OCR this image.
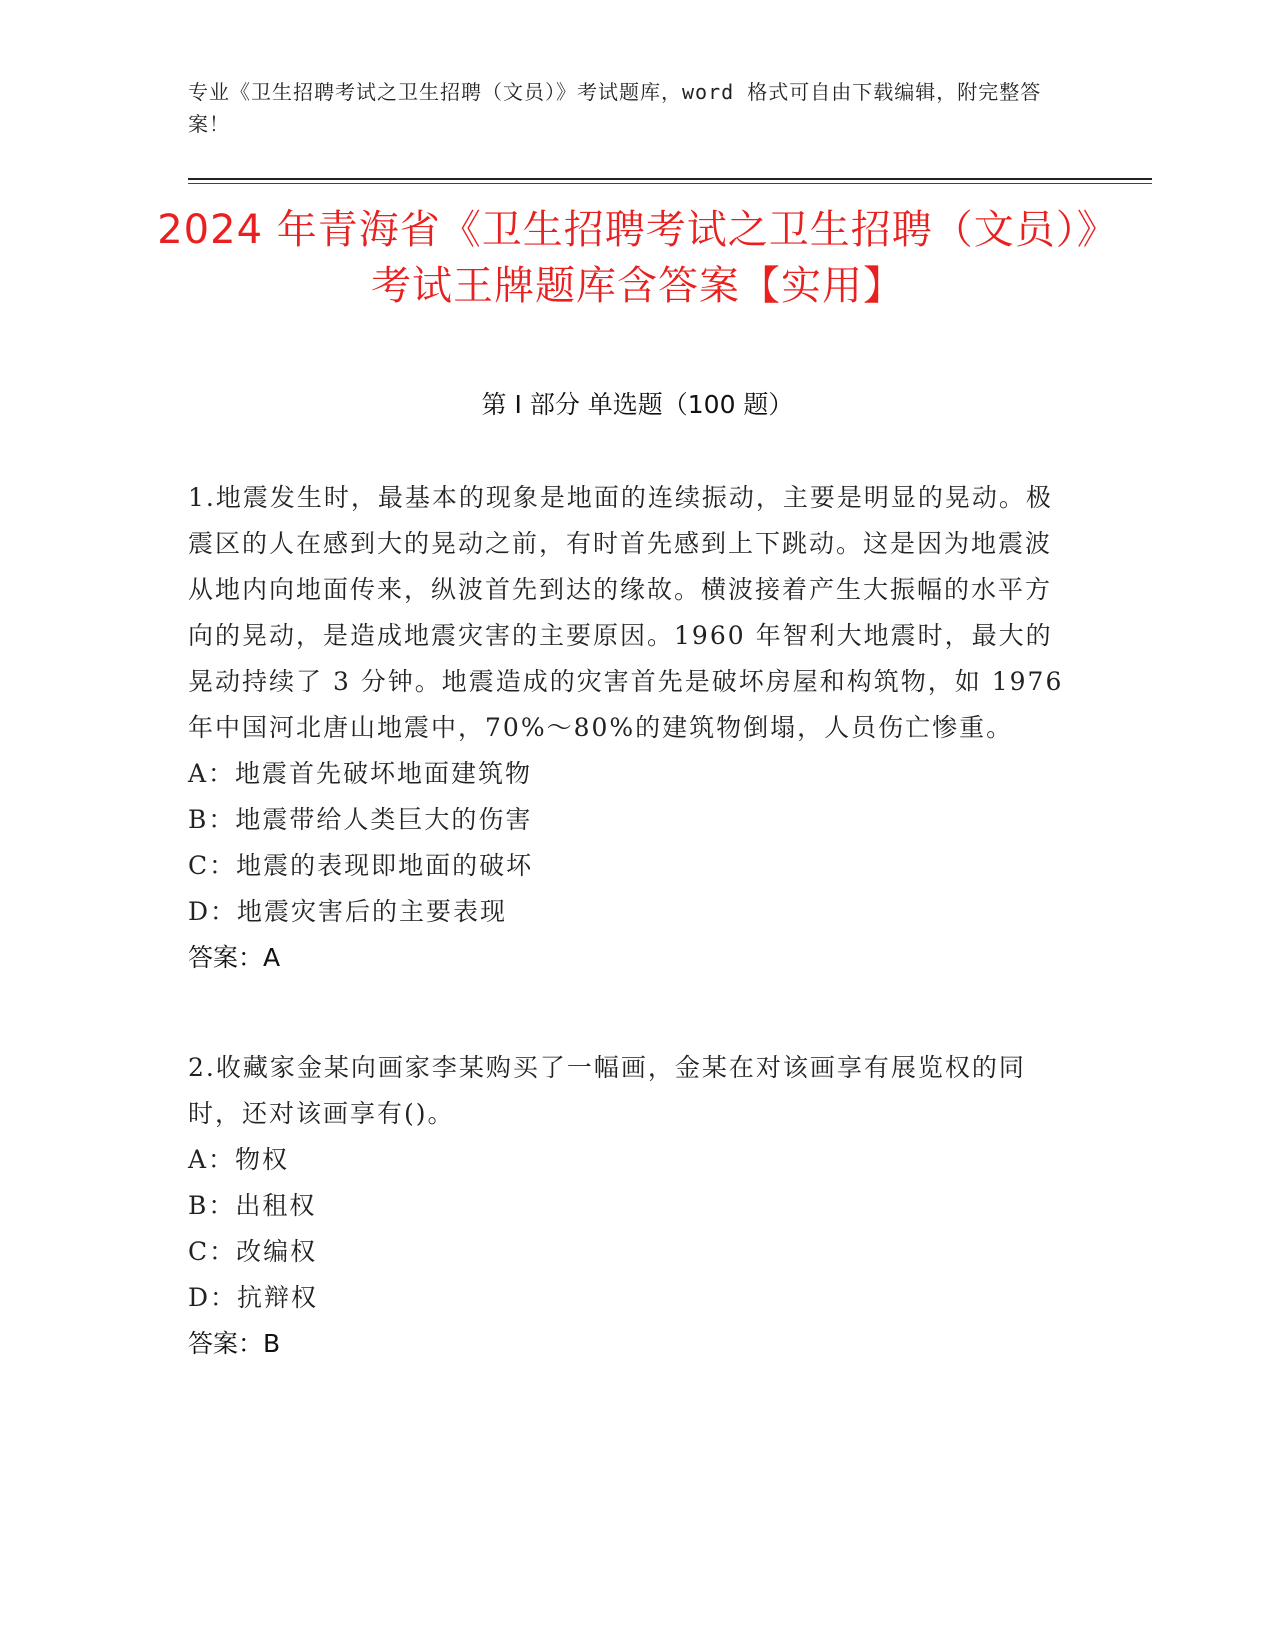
专业《卫生招聘考试之卫生招聘（文员）》考试题库，word 格式可自由下载编辑，附完整答案！
2024 年青海省《卫生招聘考试之卫生招聘（文员）》考试王牌题库含答案【实用】
第 I 部分 单选题（100 题）

1.地震发生时，最基本的现象是地面的连续振动，主要是明显的晃动。极震区的人在感到大的晃动之前，有时首先感到上下跳动。这是因为地震波从地内向地面传来，纵波首先到达的缘故。横波接着产生大振幅的水平方向的晃动，是造成地震灾害的主要原因。1960 年智利大地震时，最大的晃动持续了 3 分钟。地震造成的灾害首先是破坏房屋和构筑物，如 1976 年中国河北唐山地震中，70%～80%的建筑物倒塌，人员伤亡惨重。

A：地震首先破坏地面建筑物

B：地震带给人类巨大的伤害

C：地震的表现即地面的破坏

D：地震灾害后的主要表现

答案：A

2.收藏家金某向画家李某购买了一幅画，金某在对该画享有展览权的同时，还对该画享有()。

A：物权

B：出租权

C：改编权

D：抗辩权

答案：B
